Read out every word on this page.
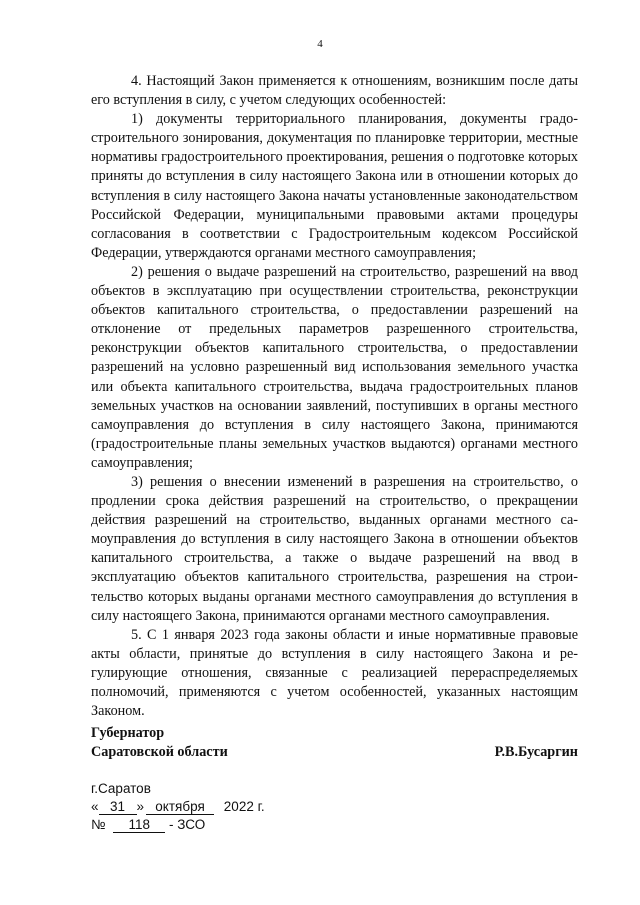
4

4. Настоящий Закон применяется к отношениям, возникшим после даты его вступления в силу, с учетом следующих особенностей:

1) документы территориального планирования, документы градостроительного зонирования, документация по планировке территории, местные нормативы градостроительного проектирования, решения о подготовке которых приняты до вступления в силу настоящего Закона или в отношении которых до вступления в силу настоящего Закона начаты установленные законодательством Российской Федерации, муниципальными правовыми актами процедуры согласования в соответствии с Градостроительным кодексом Российской Федерации, утверждаются органами местного самоуправления;

2) решения о выдаче разрешений на строительство, разрешений на ввод объектов в эксплуатацию при осуществлении строительства, реконструкции объектов капитального строительства, о предоставлении разрешений на отклонение от предельных параметров разрешенного строительства, реконструкции объектов капитального строительства, о предоставлении разрешений на условно разрешенный вид использования земельного участка или объекта капитального строительства, выдача градостроительных планов земельных участков на основании заявлений, поступивших в органы местного самоуправления до вступления в силу настоящего Закона, принимаются (градостроительные планы земельных участков выдаются) органами местного самоуправления;

3) решения о внесении изменений в разрешения на строительство, о продлении срока действия разрешений на строительство, о прекращении действия разрешений на строительство, выданных органами местного самоуправления до вступления в силу настоящего Закона в отношении объектов капитального строительства, а также о выдаче разрешений на ввод в эксплуатацию объектов капитального строительства, разрешения на строительство которых выданы органами местного самоуправления до вступления в силу настоящего Закона, принимаются органами местного самоуправления.

5. С 1 января 2023 года законы области и иные нормативные правовые акты области, принятые до вступления в силу настоящего Закона и регулирующие отношения, связанные с реализацией перераспределяемых полномочий, применяются с учетом особенностей, указанных настоящим Законом.

Губернатор
Саратовской области	Р.В.Бусаргин
г.Саратов
« 31 » октября 2022 г.
№ 118 - ЗСО
